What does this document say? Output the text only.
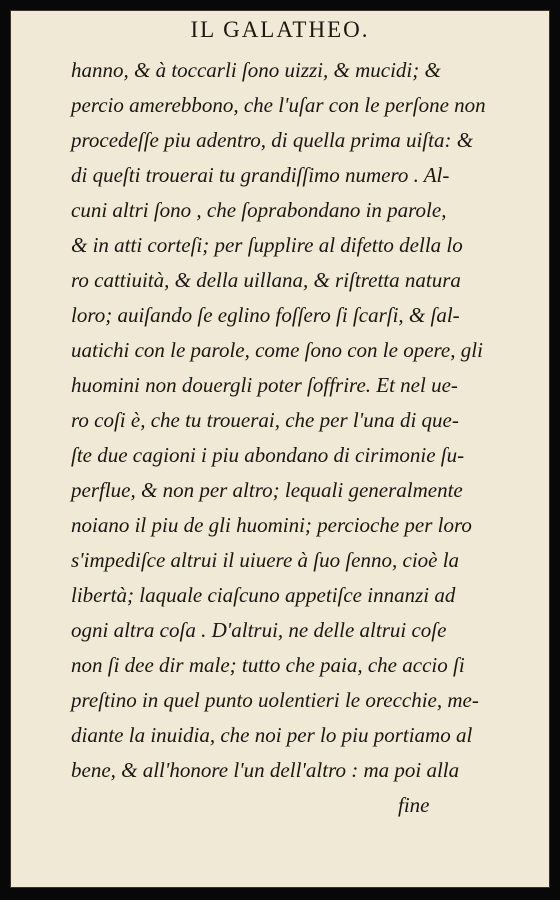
IL GALATHEO.
hanno, & à toccarli ſono uizzi, & mucidi; &
percio amerebbono, che l'uſar con le perſone non
procedeſſe piu adentro, di quella prima uiſta: &
di queſti trouerai tu grandiſſimo numero . Al-
cuni altri ſono , che ſoprabondano in parole,
& in atti corteſi; per ſupplire al difetto della lo
ro cattiuità, & della uillana, & riſtretta natura
loro; auiſando ſe eglino foſſero ſi ſcarſi, & ſal-
uatichi con le parole, come ſono con le opere, gli
huomini non douergli poter ſoffrire. Et nel ue-
ro coſi è, che tu trouerai, che per l'una di que-
ſte due cagioni i piu abondano di cirimonie ſu-
perflue, & non per altro; lequali generalmente
noiano il piu de gli huomini; percioche per loro
s'impediſce altrui il uiuere à ſuo ſenno, cioè la
libertà; laquale ciaſcuno appetiſce innanzi ad
ogni altra coſa . D'altrui, ne delle altrui coſe
non ſi dee dir male; tutto che paia, che accio ſi
preſtino in quel punto uolentieri le orecchie, me-
diante la inuidia, che noi per lo piu portiamo al
bene, & all'honore l'un dell'altro : ma poi alla
fine
